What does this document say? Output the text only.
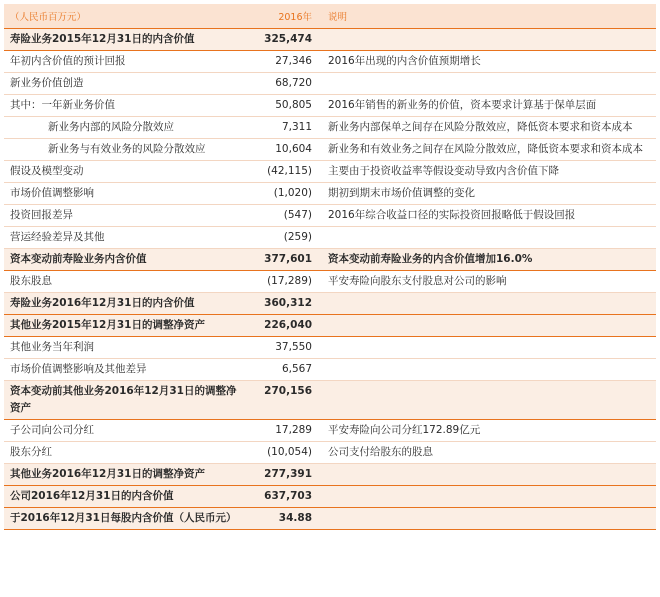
（人民币百万元）	2016年	说明
寿险业务2015年12月31日的内含价值	325,474	
年初内含价值的预计回报	27,346	2016年出现的内含价值预期增长
新业务价值创造	68,720	
其中：一年新业务价值	50,805	2016年销售的新业务的价值，资本要求计算基于保单层面
新业务内部的风险分散效应	7,311	新业务内部保单之间存在风险分散效应，降低资本要求和资本成本
新业务与有效业务的风险分散效应	10,604	新业务和有效业务之间存在风险分散效应，降低资本要求和资本成本
假设及模型变动	(42,115)	主要由于投资收益率等假设变动导致内含价值下降
市场价值调整影响	(1,020)	期初到期末市场价值调整的变化
投资回报差异	(547)	2016年综合收益口径的实际投资回报略低于假设回报
营运经验差异及其他	(259)	
资本变动前寿险业务内含价值	377,601	资本变动前寿险业务的内含价值增加16.0%
股东股息	(17,289)	平安寿险向股东支付股息对公司的影响
寿险业务2016年12月31日的内含价值	360,312	
其他业务2015年12月31日的调整净资产	226,040	
其他业务当年利润	37,550	
市场价值调整影响及其他差异	6,567	
资本变动前其他业务2016年12月31日的调整净资产	270,156	
子公司向公司分红	17,289	平安寿险向公司分红172.89亿元
股东分红	(10,054)	公司支付给股东的股息
其他业务2016年12月31日的调整净资产	277,391	
公司2016年12月31日的内含价值	637,703	
于2016年12月31日每股内含价值（人民币元）	34.88	
